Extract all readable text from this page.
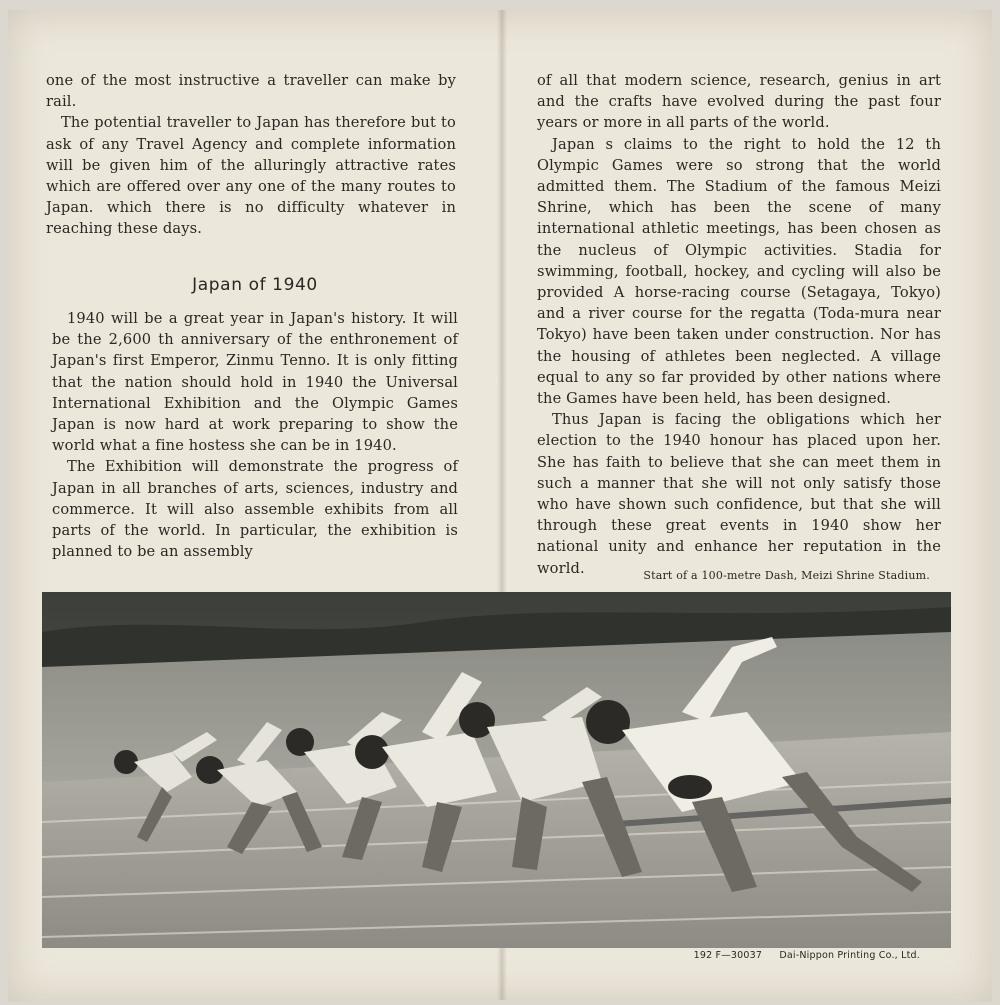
one of the most instructive a traveller can make by rail.

The potential traveller to Japan has therefore but to ask of any Travel Agency and complete information will be given him of the alluringly attractive rates which are offered over any one of the many routes to Japan. which there is no difficulty whatever in reaching these days.

Japan of 1940

1940 will be a great year in Japan's history. It will be the 2,600 th anniversary of the enthronement of Japan's first Emperor, Zinmu Tenno. It is only fitting that the nation should hold in 1940 the Universal International Exhibition and the Olympic Games Japan is now hard at work preparing to show the world what a fine hostess she can be in 1940.

The Exhibition will demonstrate the progress of Japan in all branches of arts, sciences, industry and commerce. It will also assemble exhibits from all parts of the world. In particular, the exhibition is planned to be an assembly

of all that modern science, research, genius in art and the crafts have evolved during the past four years or more in all parts of the world.

Japan s claims to the right to hold the 12 th Olympic Games were so strong that the world admitted them. The Stadium of the famous Meizi Shrine, which has been the scene of many international athletic meetings, has been chosen as the nucleus of Olympic activities. Stadia for swimming, football, hockey, and cycling will also be provided A horse-racing course (Setagaya, Tokyo) and a river course for the regatta (Toda-mura near Tokyo) have been taken under construction. Nor has the housing of athletes been neglected. A village equal to any so far provided by other nations where the Games have been held, has been designed.

Thus Japan is facing the obligations which her election to the 1940 honour has placed upon her. She has faith to believe that she can meet them in such a manner that she will not only satisfy those who have shown such confidence, but that she will through these great events in 1940 show her national unity and enhance her reputation in the world.	Start of a 100-metre Dash, Meizi Shrine Stadium.
192 F—30037 Dai-Nippon Printing Co., Ltd.
